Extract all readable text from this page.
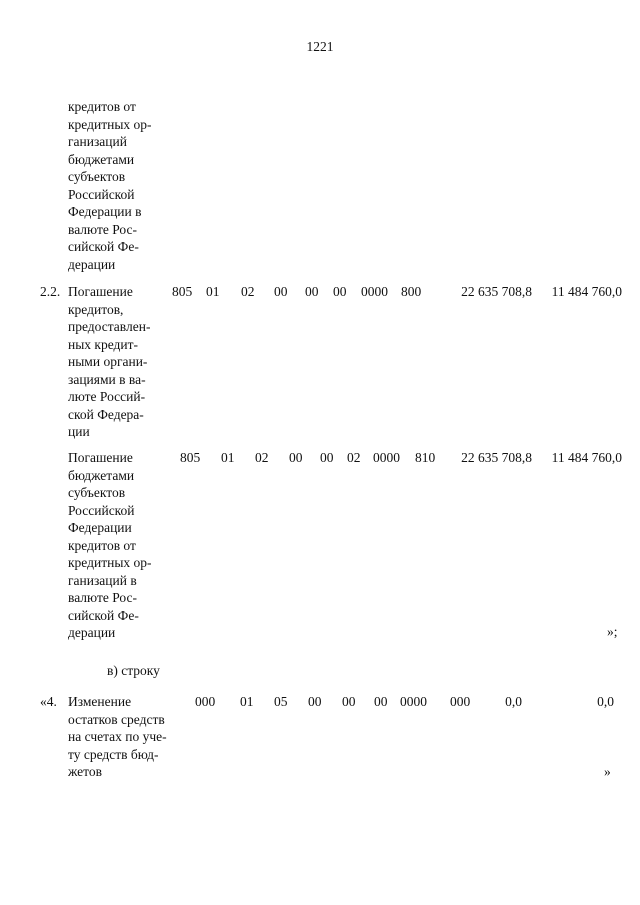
1221
кредитов от
кредитных ор-
ганизаций
бюджетами
субъектов
Российской
Федерации в
валюте Рос-
сийской Фе-
дерации
2.2. Погашение
кредитов,
предоставлен-
ных кредит-
ными органи-
зациями в ва-
люте Россий-
ской Федера-
ции
805 01 02 00 00 00 0000 800	22 635 708,8	11 484 760,0
Погашение
бюджетами
субъектов
Российской
Федерации
кредитов от
кредитных ор-
ганизаций в
валюте Рос-
сийской Фе-
дерации
805 01 02 00 00 02 0000 810	22 635 708,8	11 484 760,0
»;
в) строку
«4. Изменение
остатков средств
на счетах по уче-
ту средств бюд-
жетов
000 01 05 00 00 00 0000 000	0,0	0,0
»
